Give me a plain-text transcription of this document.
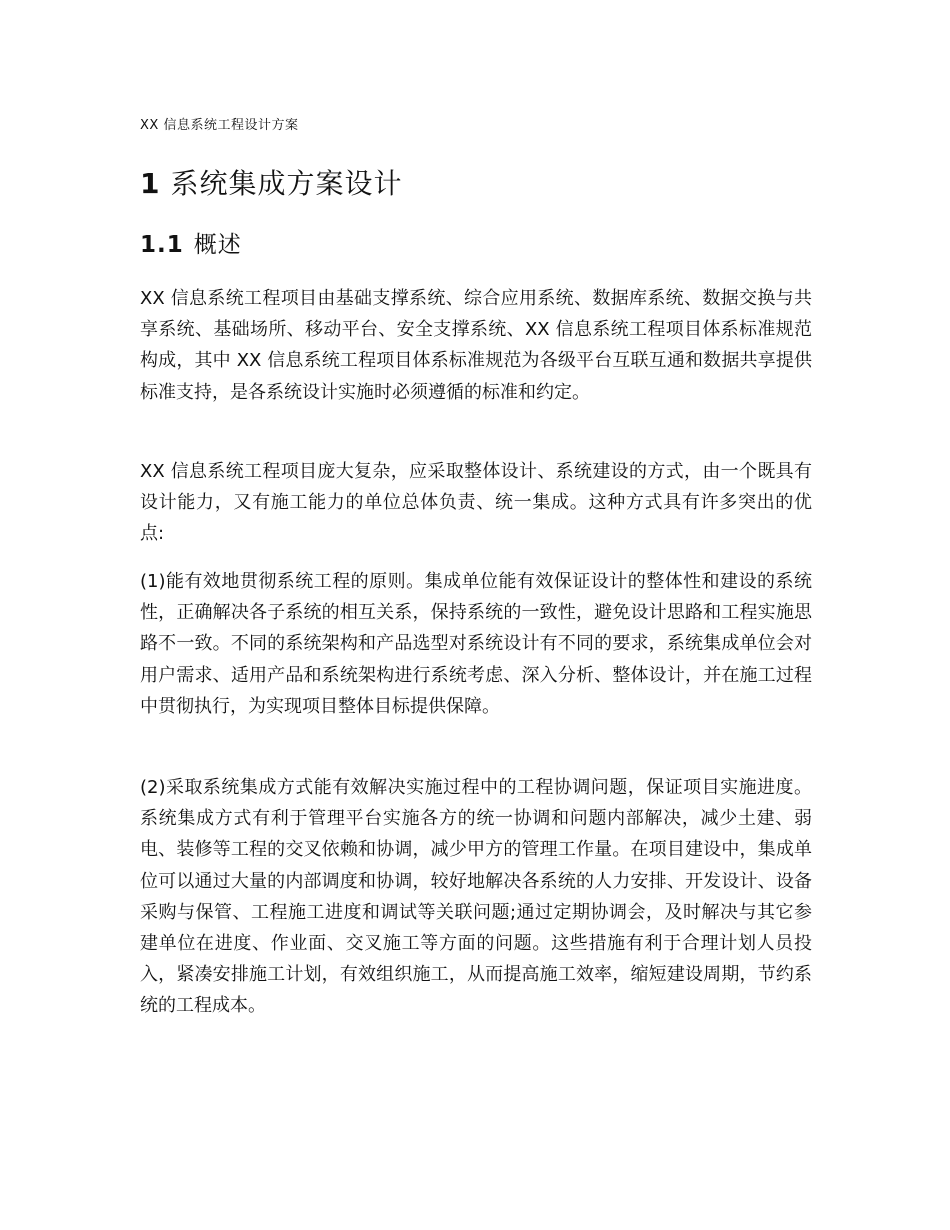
XX 信息系统工程设计方案
1 系统集成方案设计
1.1 概述

XX 信息系统工程项目由基础支撑系统、综合应用系统、数据库系统、数据交换与共享系统、基础场所、移动平台、安全支撑系统、XX 信息系统工程项目体系标准规范构成，其中 XX 信息系统工程项目体系标准规范为各级平台互联互通和数据共享提供标准支持，是各系统设计实施时必须遵循的标准和约定。

XX 信息系统工程项目庞大复杂，应采取整体设计、系统建设的方式，由一个既具有设计能力，又有施工能力的单位总体负责、统一集成。这种方式具有许多突出的优点:

(1)能有效地贯彻系统工程的原则。集成单位能有效保证设计的整体性和建设的系统性，正确解决各子系统的相互关系，保持系统的一致性，避免设计思路和工程实施思路不一致。不同的系统架构和产品选型对系统设计有不同的要求，系统集成单位会对用户需求、适用产品和系统架构进行系统考虑、深入分析、整体设计，并在施工过程中贯彻执行，为实现项目整体目标提供保障。

(2)采取系统集成方式能有效解决实施过程中的工程协调问题，保证项目实施进度。系统集成方式有利于管理平台实施各方的统一协调和问题内部解决，减少土建、弱电、装修等工程的交叉依赖和协调，减少甲方的管理工作量。在项目建设中，集成单位可以通过大量的内部调度和协调，较好地解决各系统的人力安排、开发设计、设备采购与保管、工程施工进度和调试等关联问题;通过定期协调会，及时解决与其它参建单位在进度、作业面、交叉施工等方面的问题。这些措施有利于合理计划人员投入，紧凑安排施工计划，有效组织施工，从而提高施工效率，缩短建设周期，节约系统的工程成本。
